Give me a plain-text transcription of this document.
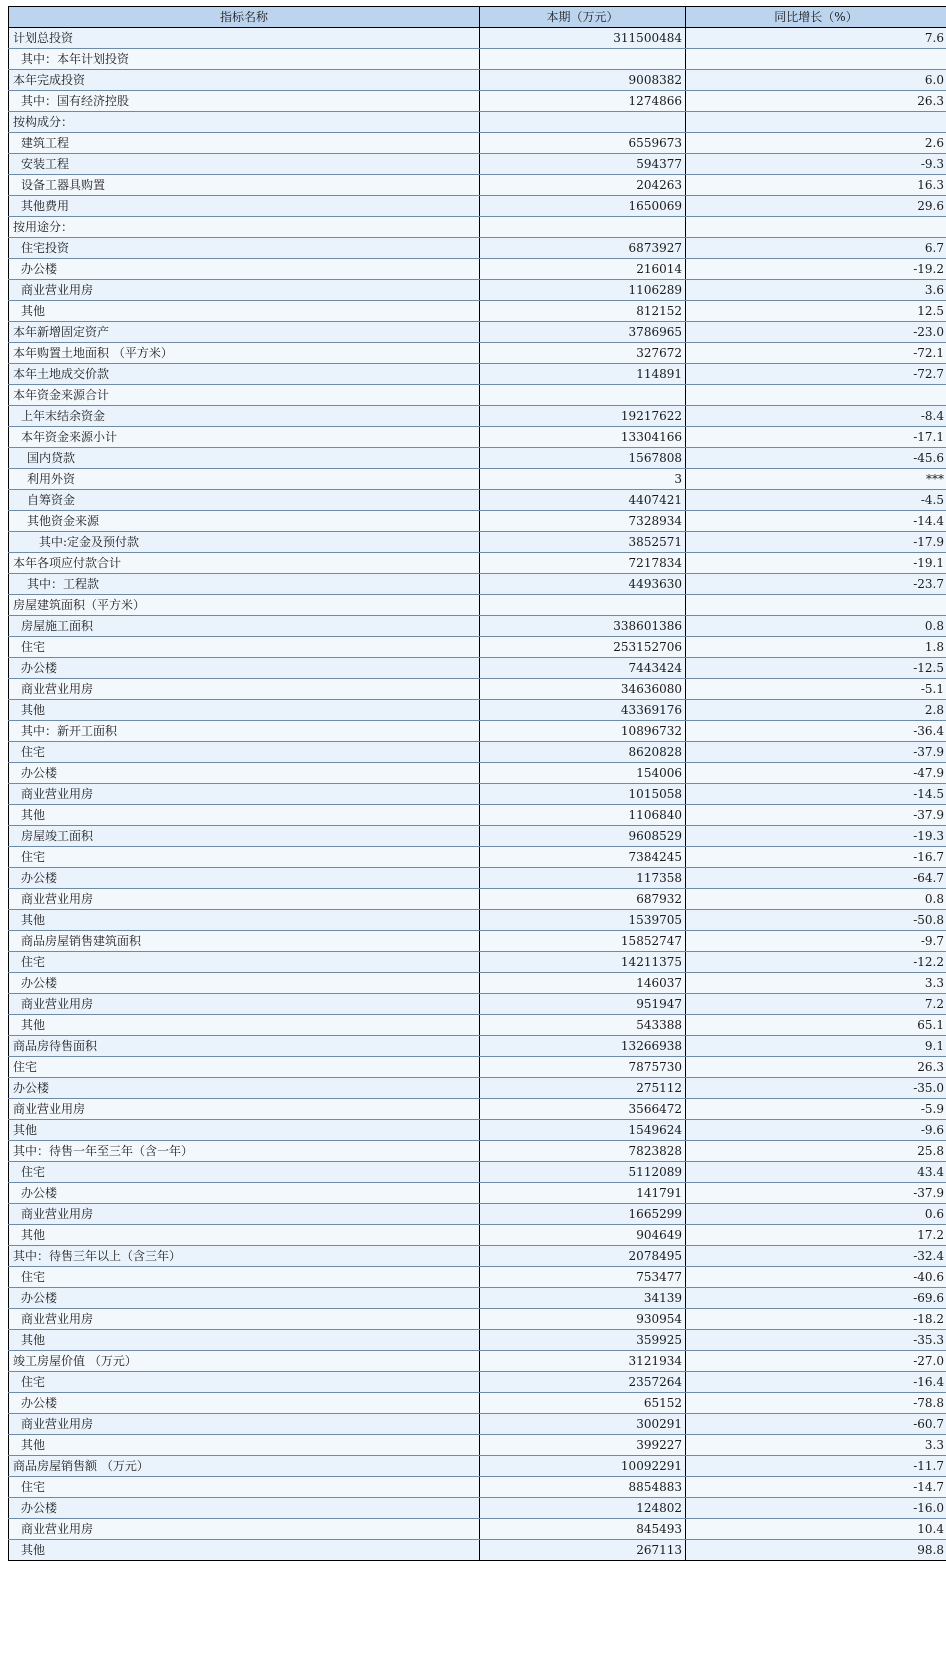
指标名称	本期（万元）	同比增长（%）
计划总投资	311500484	7.6
其中：本年计划投资		
本年完成投资	9008382	6.0
其中：国有经济控股	1274866	26.3
按构成分：		
建筑工程	6559673	2.6
安装工程	594377	-9.3
设备工器具购置	204263	16.3
其他费用	1650069	29.6
按用途分：		
住宅投资	6873927	6.7
办公楼	216014	-19.2
商业营业用房	1106289	3.6
其他	812152	12.5
本年新增固定资产	3786965	-23.0
本年购置土地面积 （平方米）	327672	-72.1
本年土地成交价款	114891	-72.7
本年资金来源合计		
上年末结余资金	19217622	-8.4
本年资金来源小计	13304166	-17.1
国内贷款	1567808	-45.6
利用外资	3	***
自筹资金	4407421	-4.5
其他资金来源	7328934	-14.4
其中:定金及预付款	3852571	-17.9
本年各项应付款合计	7217834	-19.1
其中：工程款	4493630	-23.7
房屋建筑面积（平方米）		
房屋施工面积	338601386	0.8
住宅	253152706	1.8
办公楼	7443424	-12.5
商业营业用房	34636080	-5.1
其他	43369176	2.8
其中：新开工面积	10896732	-36.4
住宅	8620828	-37.9
办公楼	154006	-47.9
商业营业用房	1015058	-14.5
其他	1106840	-37.9
房屋竣工面积	9608529	-19.3
住宅	7384245	-16.7
办公楼	117358	-64.7
商业营业用房	687932	0.8
其他	1539705	-50.8
商品房屋销售建筑面积	15852747	-9.7
住宅	14211375	-12.2
办公楼	146037	3.3
商业营业用房	951947	7.2
其他	543388	65.1
商品房待售面积	13266938	9.1
住宅	7875730	26.3
办公楼	275112	-35.0
商业营业用房	3566472	-5.9
其他	1549624	-9.6
其中：待售一年至三年（含一年）	7823828	25.8
住宅	5112089	43.4
办公楼	141791	-37.9
商业营业用房	1665299	0.6
其他	904649	17.2
其中：待售三年以上（含三年）	2078495	-32.4
住宅	753477	-40.6
办公楼	34139	-69.6
商业营业用房	930954	-18.2
其他	359925	-35.3
竣工房屋价值 （万元）	3121934	-27.0
住宅	2357264	-16.4
办公楼	65152	-78.8
商业营业用房	300291	-60.7
其他	399227	3.3
商品房屋销售额 （万元）	10092291	-11.7
住宅	8854883	-14.7
办公楼	124802	-16.0
商业营业用房	845493	10.4
其他	267113	98.8
